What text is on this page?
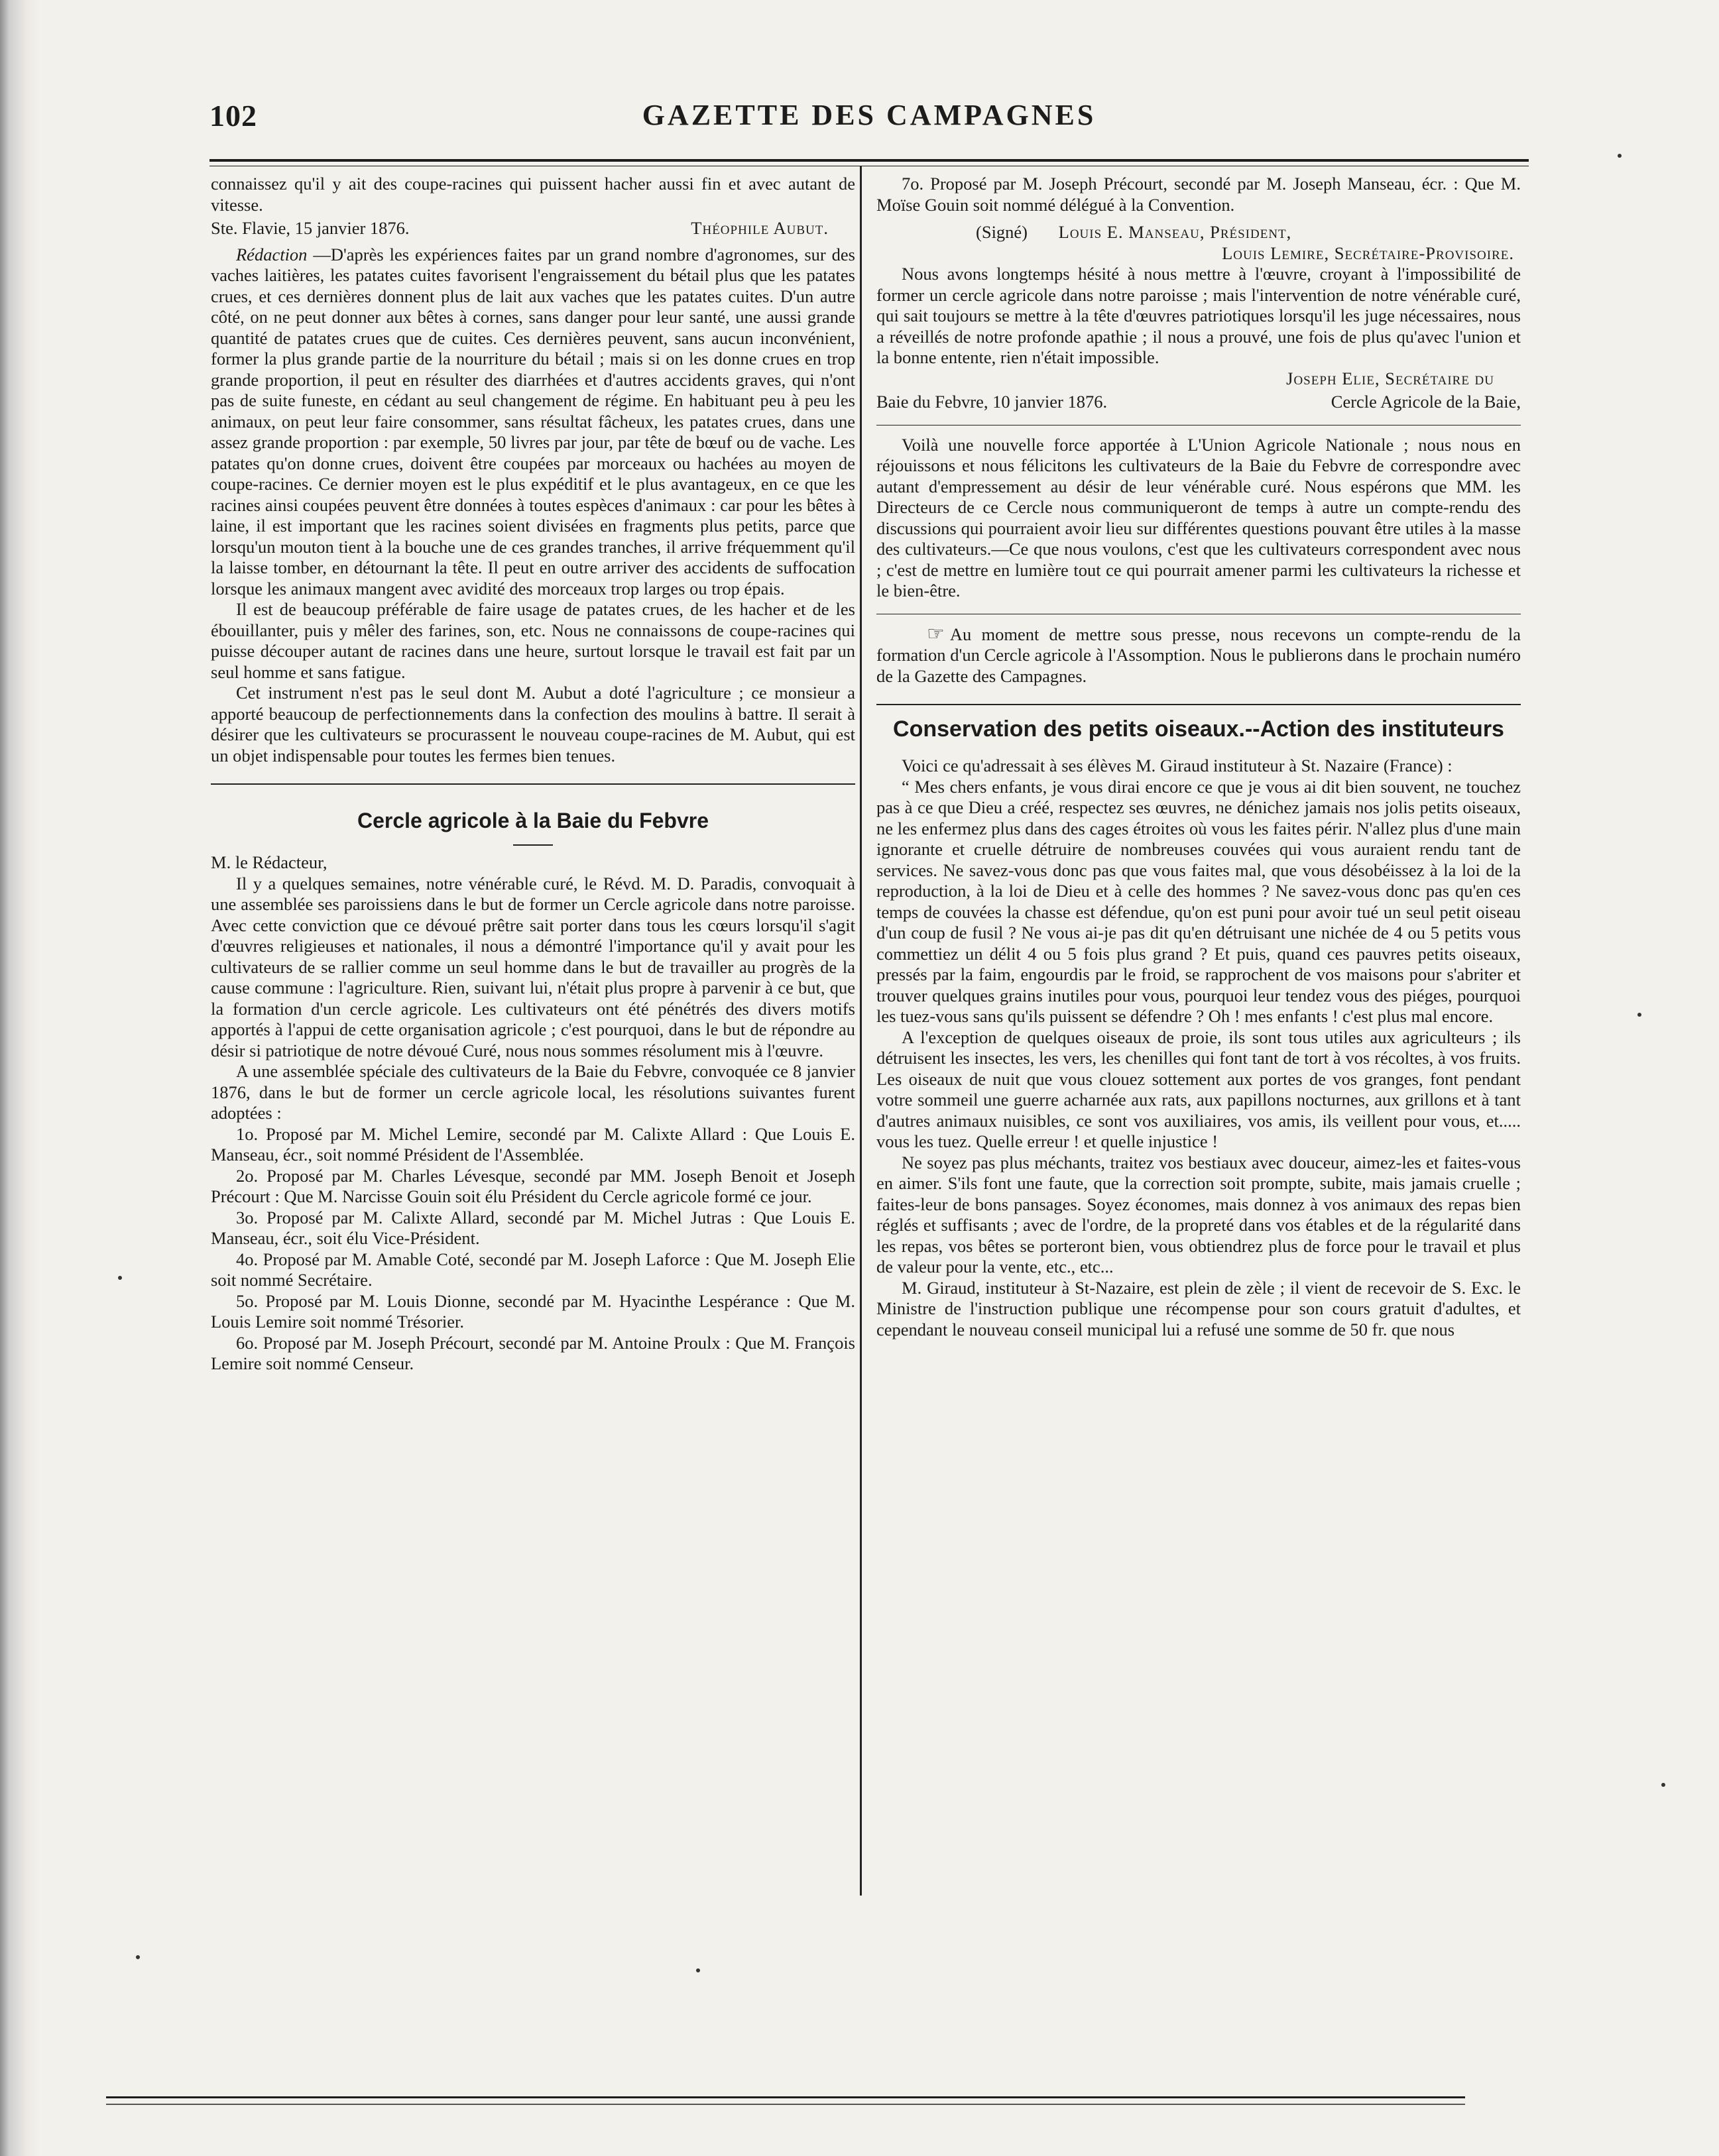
102	GAZETTE DES CAMPAGNES

connaissez qu'il y ait des coupe-racines qui puissent hacher aussi fin et avec autant de vitesse.

Ste. Flavie, 15 janvier 1876.	Théophile Aubut.

Rédaction —D'après les expériences faites par un grand nombre d'agronomes, sur des vaches laitières, les patates cuites favorisent l'engraissement du bétail plus que les patates crues, et ces dernières donnent plus de lait aux vaches que les patates cuites. D'un autre côté, on ne peut donner aux bêtes à cornes, sans danger pour leur santé, une aussi grande quantité de patates crues que de cuites. Ces dernières peuvent, sans aucun inconvénient, former la plus grande partie de la nourriture du bétail ; mais si on les donne crues en trop grande proportion, il peut en résulter des diarrhées et d'autres accidents graves, qui n'ont pas de suite funeste, en cédant au seul changement de régime. En habituant peu à peu les animaux, on peut leur faire consommer, sans résultat fâcheux, les patates crues, dans une assez grande proportion : par exemple, 50 livres par jour, par tête de bœuf ou de vache. Les patates qu'on donne crues, doivent être coupées par morceaux ou hachées au moyen de coupe-racines. Ce dernier moyen est le plus expéditif et le plus avantageux, en ce que les racines ainsi coupées peuvent être données à toutes espèces d'animaux : car pour les bêtes à laine, il est important que les racines soient divisées en fragments plus petits, parce que lorsqu'un mouton tient à la bouche une de ces grandes tranches, il arrive fréquemment qu'il la laisse tomber, en détournant la tête. Il peut en outre arriver des accidents de suffocation lorsque les animaux mangent avec avidité des morceaux trop larges ou trop épais.

Il est de beaucoup préférable de faire usage de patates crues, de les hacher et de les ébouillanter, puis y mêler des farines, son, etc. Nous ne connaissons de coupe-racines qui puisse découper autant de racines dans une heure, surtout lorsque le travail est fait par un seul homme et sans fatigue.

Cet instrument n'est pas le seul dont M. Aubut a doté l'agriculture ; ce monsieur a apporté beaucoup de perfectionnements dans la confection des moulins à battre. Il serait à désirer que les cultivateurs se procurassent le nouveau coupe-racines de M. Aubut, qui est un objet indispensable pour toutes les fermes bien tenues.

Cercle agricole à la Baie du Febvre

M. le Rédacteur,

Il y a quelques semaines, notre vénérable curé, le Révd. M. D. Paradis, convoquait à une assemblée ses paroissiens dans le but de former un Cercle agricole dans notre paroisse. Avec cette conviction que ce dévoué prêtre sait porter dans tous les cœurs lorsqu'il s'agit d'œuvres religieuses et nationales, il nous a démontré l'importance qu'il y avait pour les cultivateurs de se rallier comme un seul homme dans le but de travailler au progrès de la cause commune : l'agriculture. Rien, suivant lui, n'était plus propre à parvenir à ce but, que la formation d'un cercle agricole. Les cultivateurs ont été pénétrés des divers motifs apportés à l'appui de cette organisation agricole ; c'est pourquoi, dans le but de répondre au désir si patriotique de notre dévoué Curé, nous nous sommes résolument mis à l'œuvre.

A une assemblée spéciale des cultivateurs de la Baie du Febvre, convoquée ce 8 janvier 1876, dans le but de former un cercle agricole local, les résolutions suivantes furent adoptées :

1o. Proposé par M. Michel Lemire, secondé par M. Calixte Allard : Que Louis E. Manseau, écr., soit nommé Président de l'Assemblée.

2o. Proposé par M. Charles Lévesque, secondé par MM. Joseph Benoit et Joseph Précourt : Que M. Narcisse Gouin soit élu Président du Cercle agricole formé ce jour.

3o. Proposé par M. Calixte Allard, secondé par M. Michel Jutras : Que Louis E. Manseau, écr., soit élu Vice-Président.

4o. Proposé par M. Amable Coté, secondé par M. Joseph Laforce : Que M. Joseph Elie soit nommé Secrétaire.

5o. Proposé par M. Louis Dionne, secondé par M. Hyacinthe Lespérance : Que M. Louis Lemire soit nommé Trésorier.

6o. Proposé par M. Joseph Précourt, secondé par M. Antoine Proulx : Que M. François Lemire soit nommé Censeur.

7o. Proposé par M. Joseph Précourt, secondé par M. Joseph Manseau, écr. : Que M. Moïse Gouin soit nommé délégué à la Convention.

(Signé) Louis E. Manseau, Président,
Louis Lemire, Secrétaire-Provisoire.

Nous avons longtemps hésité à nous mettre à l'œuvre, croyant à l'impossibilité de former un cercle agricole dans notre paroisse ; mais l'intervention de notre vénérable curé, qui sait toujours se mettre à la tête d'œuvres patriotiques lorsqu'il les juge nécessaires, nous a réveillés de notre profonde apathie ; il nous a prouvé, une fois de plus qu'avec l'union et la bonne entente, rien n'était impossible.

Joseph Elie, Secrétaire du
Baie du Febvre, 10 janvier 1876.	Cercle Agricole de la Baie,

Voilà une nouvelle force apportée à L'Union Agricole Nationale ; nous nous en réjouissons et nous félicitons les cultivateurs de la Baie du Febvre de correspondre avec autant d'empressement au désir de leur vénérable curé. Nous espérons que MM. les Directeurs de ce Cercle nous communiqueront de temps à autre un compte-rendu des discussions qui pourraient avoir lieu sur différentes questions pouvant être utiles à la masse des cultivateurs.—Ce que nous voulons, c'est que les cultivateurs correspondent avec nous ; c'est de mettre en lumière tout ce qui pourrait amener parmi les cultivateurs la richesse et le bien-être.

☞ Au moment de mettre sous presse, nous recevons un compte-rendu de la formation d'un Cercle agricole à l'Assomption. Nous le publierons dans le prochain numéro de la Gazette des Campagnes.

Conservation des petits oiseaux.--Action des instituteurs

Voici ce qu'adressait à ses élèves M. Giraud instituteur à St. Nazaire (France) :

“ Mes chers enfants, je vous dirai encore ce que je vous ai dit bien souvent, ne touchez pas à ce que Dieu a créé, respectez ses œuvres, ne dénichez jamais nos jolis petits oiseaux, ne les enfermez plus dans des cages étroites où vous les faites périr. N'allez plus d'une main ignorante et cruelle détruire de nombreuses couvées qui vous auraient rendu tant de services. Ne savez-vous donc pas que vous faites mal, que vous désobéissez à la loi de la reproduction, à la loi de Dieu et à celle des hommes ? Ne savez-vous donc pas qu'en ces temps de couvées la chasse est défendue, qu'on est puni pour avoir tué un seul petit oiseau d'un coup de fusil ? Ne vous ai-je pas dit qu'en détruisant une nichée de 4 ou 5 petits vous commettiez un délit 4 ou 5 fois plus grand ? Et puis, quand ces pauvres petits oiseaux, pressés par la faim, engourdis par le froid, se rapprochent de vos maisons pour s'abriter et trouver quelques grains inutiles pour vous, pourquoi leur tendez vous des piéges, pourquoi les tuez-vous sans qu'ils puissent se défendre ? Oh ! mes enfants ! c'est plus mal encore.

A l'exception de quelques oiseaux de proie, ils sont tous utiles aux agriculteurs ; ils détruisent les insectes, les vers, les chenilles qui font tant de tort à vos récoltes, à vos fruits. Les oiseaux de nuit que vous clouez sottement aux portes de vos granges, font pendant votre sommeil une guerre acharnée aux rats, aux papillons nocturnes, aux grillons et à tant d'autres animaux nuisibles, ce sont vos auxiliaires, vos amis, ils veillent pour vous, et..... vous les tuez. Quelle erreur ! et quelle injustice !

Ne soyez pas plus méchants, traitez vos bestiaux avec douceur, aimez-les et faites-vous en aimer. S'ils font une faute, que la correction soit prompte, subite, mais jamais cruelle ; faites-leur de bons pansages. Soyez économes, mais donnez à vos animaux des repas bien réglés et suffisants ; avec de l'ordre, de la propreté dans vos étables et de la régularité dans les repas, vos bêtes se porteront bien, vous obtiendrez plus de force pour le travail et plus de valeur pour la vente, etc., etc...

M. Giraud, instituteur à St-Nazaire, est plein de zèle ; il vient de recevoir de S. Exc. le Ministre de l'instruction publique une récompense pour son cours gratuit d'adultes, et cependant le nouveau conseil municipal lui a refusé une somme de 50 fr. que nous
